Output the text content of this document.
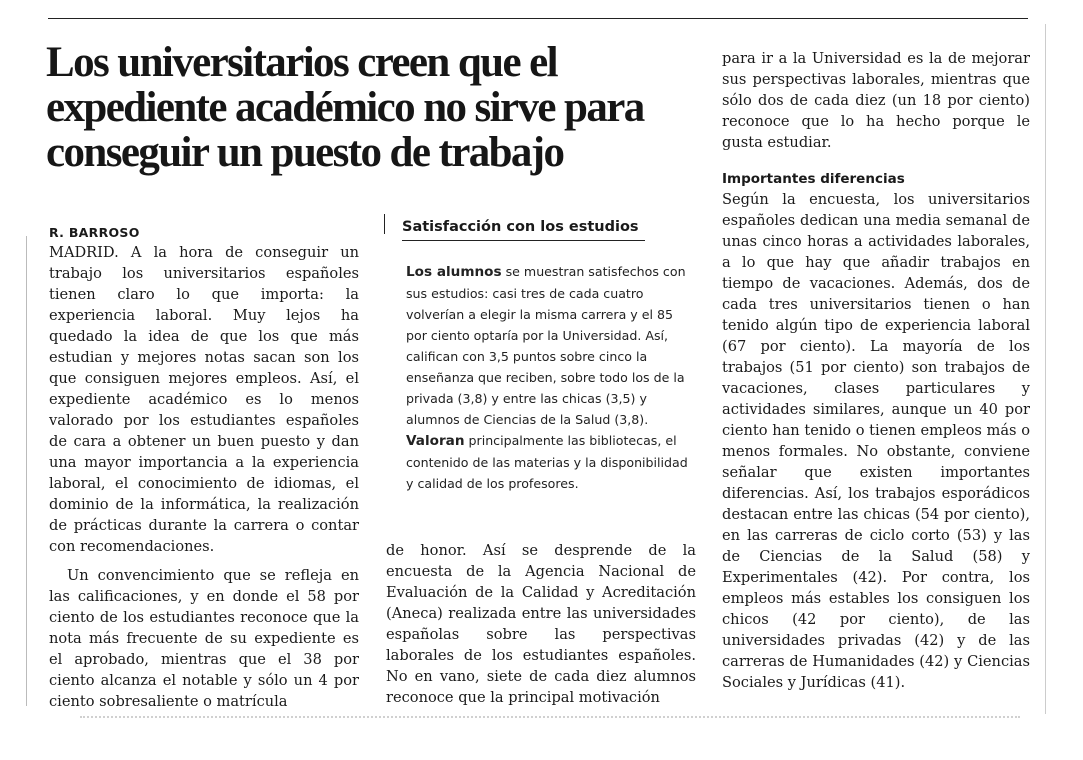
Los universitarios creen que el expediente académico no sirve para conseguir un puesto de trabajo
R. BARROSO

MADRID. A la hora de conseguir un trabajo los universitarios españoles tienen claro lo que importa: la experiencia laboral. Muy lejos ha quedado la idea de que los que más estudian y mejores notas sacan son los que consiguen mejores empleos. Así, el expediente académico es lo menos valorado por los estudiantes españoles de cara a obtener un buen puesto y dan una mayor importancia a la experiencia laboral, el conocimiento de idiomas, el dominio de la informática, la realización de prácticas durante la carrera o contar con recomendaciones.

Un convencimiento que se refleja en las calificaciones, y en donde el 58 por ciento de los estudiantes reconoce que la nota más frecuente de su expediente es el aprobado, mientras que el 38 por ciento alcanza el notable y sólo un 4 por ciento sobresaliente o matrícula

Satisfacción con los estudios

Los alumnos se muestran satisfechos con sus estudios: casi tres de cada cuatro volverían a elegir la misma carrera y el 85 por ciento optaría por la Universidad. Así, califican con 3,5 puntos sobre cinco la enseñanza que reciben, sobre todo los de la privada (3,8) y entre las chicas (3,5) y alumnos de Ciencias de la Salud (3,8).

Valoran principalmente las bibliotecas, el contenido de las materias y la disponibilidad y calidad de los profesores.

de honor. Así se desprende de la encuesta de la Agencia Nacional de Evaluación de la Calidad y Acreditación (Aneca) realizada entre las universidades españolas sobre las perspectivas laborales de los estudiantes españoles. No en vano, siete de cada diez alumnos reconoce que la principal motivación

para ir a la Universidad es la de mejorar sus perspectivas laborales, mientras que sólo dos de cada diez (un 18 por ciento) reconoce que lo ha hecho porque le gusta estudiar.

Importantes diferencias

Según la encuesta, los universitarios españoles dedican una media semanal de unas cinco horas a actividades laborales, a lo que hay que añadir trabajos en tiempo de vacaciones. Además, dos de cada tres universitarios tienen o han tenido algún tipo de experiencia laboral (67 por ciento). La mayoría de los trabajos (51 por ciento) son trabajos de vacaciones, clases particulares y actividades similares, aunque un 40 por ciento han tenido o tienen empleos más o menos formales. No obstante, conviene señalar que existen importantes diferencias. Así, los trabajos esporádicos destacan entre las chicas (54 por ciento), en las carreras de ciclo corto (53) y las de Ciencias de la Salud (58) y Experimentales (42). Por contra, los empleos más estables los consiguen los chicos (42 por ciento), de las universidades privadas (42) y de las carreras de Humanidades (42) y Ciencias Sociales y Jurídicas (41).
